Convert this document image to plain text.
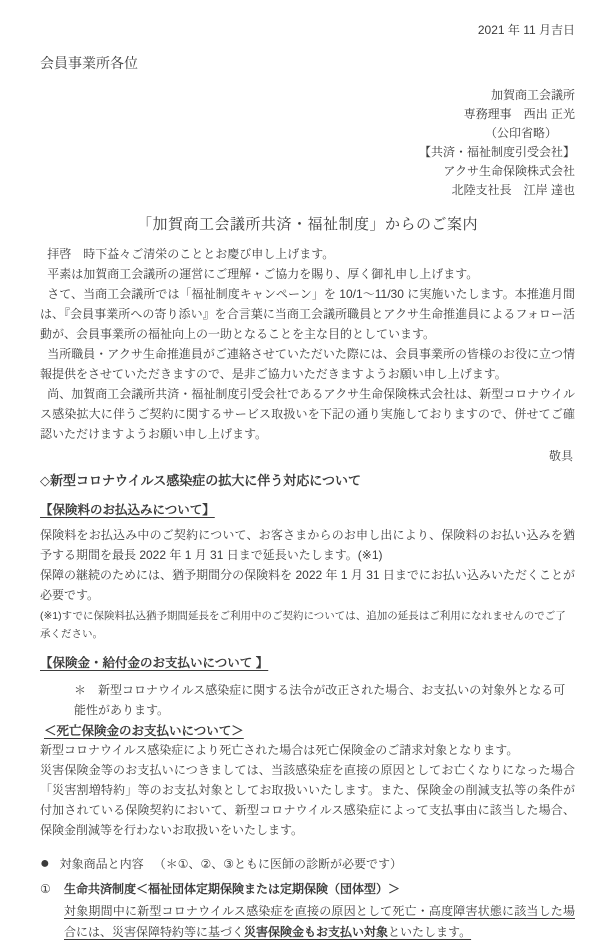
2021 年 11 月吉日
会員事業所各位
加賀商工会議所
専務理事　西出 正光
（公印省略）
【共済・福祉制度引受会社】
アクサ生命保険株式会社
北陸支社長　江岸 達也
「加賀商工会議所共済・福祉制度」からのご案内

拝啓　時下益々ご清栄のこととお慶び申し上げます。

平素は加賀商工会議所の運営にご理解・ご協力を賜り、厚く御礼申し上げます。

さて、当商工会議所では「福祉制度キャンペーン」を 10/1～11/30 に実施いたします。本推進月間は、『会員事業所への寄り添い』を合言葉に当商工会議所職員とアクサ生命推進員によるフォロー活動が、会員事業所の福祉向上の一助となることを主な目的としています。

当所職員・アクサ生命推進員がご連絡させていただいた際には、会員事業所の皆様のお役に立つ情報提供をさせていただきますので、是非ご協力いただきますようお願い申し上げます。

尚、加賀商工会議所共済・福祉制度引受会社であるアクサ生命保険株式会社は、新型コロナウイルス感染拡大に伴うご契約に関するサービス取扱いを下記の通り実施しておりますので、併せてご確認いただけますようお願い申し上げます。

敬具
◇新型コロナウイルス感染症の拡大に伴う対応について
【保険料のお払込みについて】

保険料をお払込み中のご契約について、お客さまからのお申し出により、保険料のお払い込みを猶予する期間を最長 2022 年 1 月 31 日まで延長いたします。(※1)

保障の継続のためには、猶予期間分の保険料を 2022 年 1 月 31 日までにお払い込みいただくことが必要です。

(※1)すでに保険料払込猶予期間延長をご利用中のご契約については、追加の延長はご利用になれませんのでご了承ください。

【保険金・給付金のお支払いについて 】

＊　新型コロナウイルス感染症に関する法令が改正された場合、お支払いの対象外となる可能性があります。

＜死亡保険金のお支払いについて＞

新型コロナウイルス感染症により死亡された場合は死亡保険金のご請求対象となります。

災害保険金等のお支払いにつきましては、当該感染症を直接の原因としてお亡くなりになった場合「災害割増特約」等のお支払対象としてお取扱いいたします。また、保険金の削減支払等の条件が付加されている保険契約において、新型コロナウイルス感染症によって支払事由に該当した場合、保険金削減等を行わないお取扱いをいたします。

● 対象商品と内容 （＊①、②、③ともに医師の診断が必要です）
①	生命共済制度＜福祉団体定期保険または定期保険（団体型）＞

対象期間中に新型コロナウイルス感染症を直接の原因として死亡・高度障害状態に該当した場合には、災害保障特約等に基づく災害保険金もお支払い対象といたします。
